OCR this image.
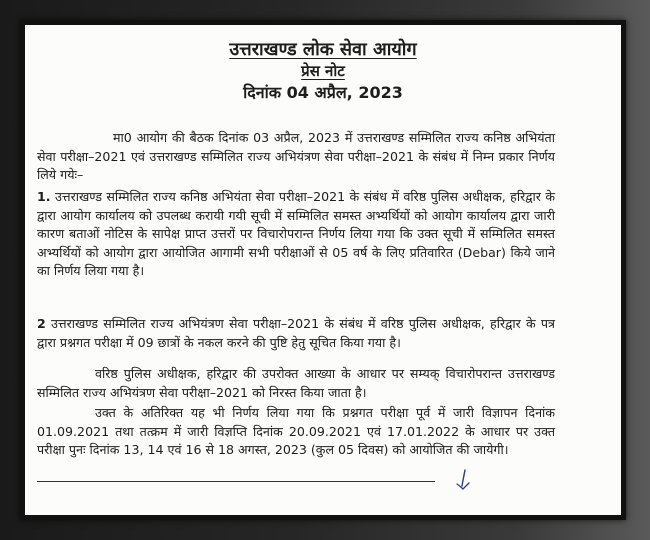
उत्तराखण्ड लोक सेवा आयोग
प्रेस नोट
दिनांक 04 अप्रैल, 2023

मा0 आयोग की बैठक दिनांक 03 अप्रैल, 2023 में उत्तराखण्ड सम्मिलित राज्य कनिष्ठ अभियंता सेवा परीक्षा–2021 एवं उत्तराखण्ड सम्मिलित राज्य अभियंत्रण सेवा परीक्षा–2021 के संबंध में निम्न प्रकार निर्णय लिये गयेः–

1. उत्तराखण्ड सम्मिलित राज्य कनिष्ठ अभियंता सेवा परीक्षा–2021 के संबंध में वरिष्ठ पुलिस अधीक्षक, हरिद्वार के द्वारा आयोग कार्यालय को उपलब्ध करायी गयी सूची में सम्मिलित समस्त अभ्यर्थियों को आयोग कार्यालय द्वारा जारी कारण बताओं नोटिस के सापेक्ष प्राप्त उत्तरों पर विचारोपरान्त निर्णय लिया गया कि उक्त सूची में सम्मिलित समस्त अभ्यर्थियों को आयोग द्वारा आयोजित आगामी सभी परीक्षाओं से 05 वर्ष के लिए प्रतिवारित (Debar) किये जाने का निर्णय लिया गया है।

2 उत्तराखण्ड सम्मिलित राज्य अभियंत्रण सेवा परीक्षा–2021 के संबंध में वरिष्ठ पुलिस अधीक्षक, हरिद्वार के पत्र द्वारा प्रश्नगत परीक्षा में 09 छात्रों के नकल करने की पुष्टि हेतु सूचित किया गया है।

वरिष्ठ पुलिस अधीक्षक, हरिद्वार की उपरोक्त आख्या के आधार पर सम्यक् विचारोपरान्त उत्तराखण्ड सम्मिलित राज्य अभियंत्रण सेवा परीक्षा–2021 को निरस्त किया जाता है।

उक्त के अतिरिक्त यह भी निर्णय लिया गया कि प्रश्नगत परीक्षा पूर्व में जारी विज्ञापन दिनांक 01.09.2021 तथा तत्क्रम में जारी विज्ञप्ति दिनांक 20.09.2021 एवं 17.01.2022 के आधार पर उक्त परीक्षा पुनः दिनांक 13, 14 एवं 16 से 18 अगस्त, 2023 (कुल 05 दिवस) को आयोजित की जायेगी।
